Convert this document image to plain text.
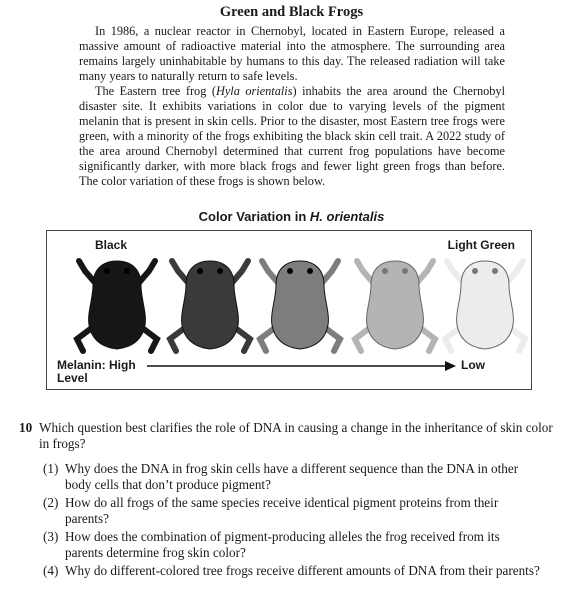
Green and Black Frogs

In 1986, a nuclear reactor in Chernobyl, located in Eastern Europe, released a massive amount of radioactive material into the atmosphere. The surrounding area remains largely uninhabitable by humans to this day. The released radiation will take many years to naturally return to safe levels.

The Eastern tree frog (Hyla orientalis) inhabits the area around the Chernobyl disaster site. It exhibits variations in color due to varying levels of the pigment melanin that is present in skin cells. Prior to the disaster, most Eastern tree frogs were green, with a minority of the frogs exhibiting the black skin cell trait. A 2022 study of the area around Chernobyl determined that current frog populations have become significantly darker, with more black frogs and fewer light green frogs than before. The color variation of these frogs is shown below.

Color Variation in H. orientalis
Black	Light Green
Melanin: High
Level
Low
10 Which question best clarifies the role of DNA in causing a change in the inheritance of skin color in frogs?
(1) Why does the DNA in frog skin cells have a different sequence than the DNA in other body cells that don’t produce pigment?
(2) How do all frogs of the same species receive identical pigment proteins from their parents?
(3) How does the combination of pigment-producing alleles the frog received from its parents determine frog skin color?
(4) Why do different-colored tree frogs receive different amounts of DNA from their parents?
